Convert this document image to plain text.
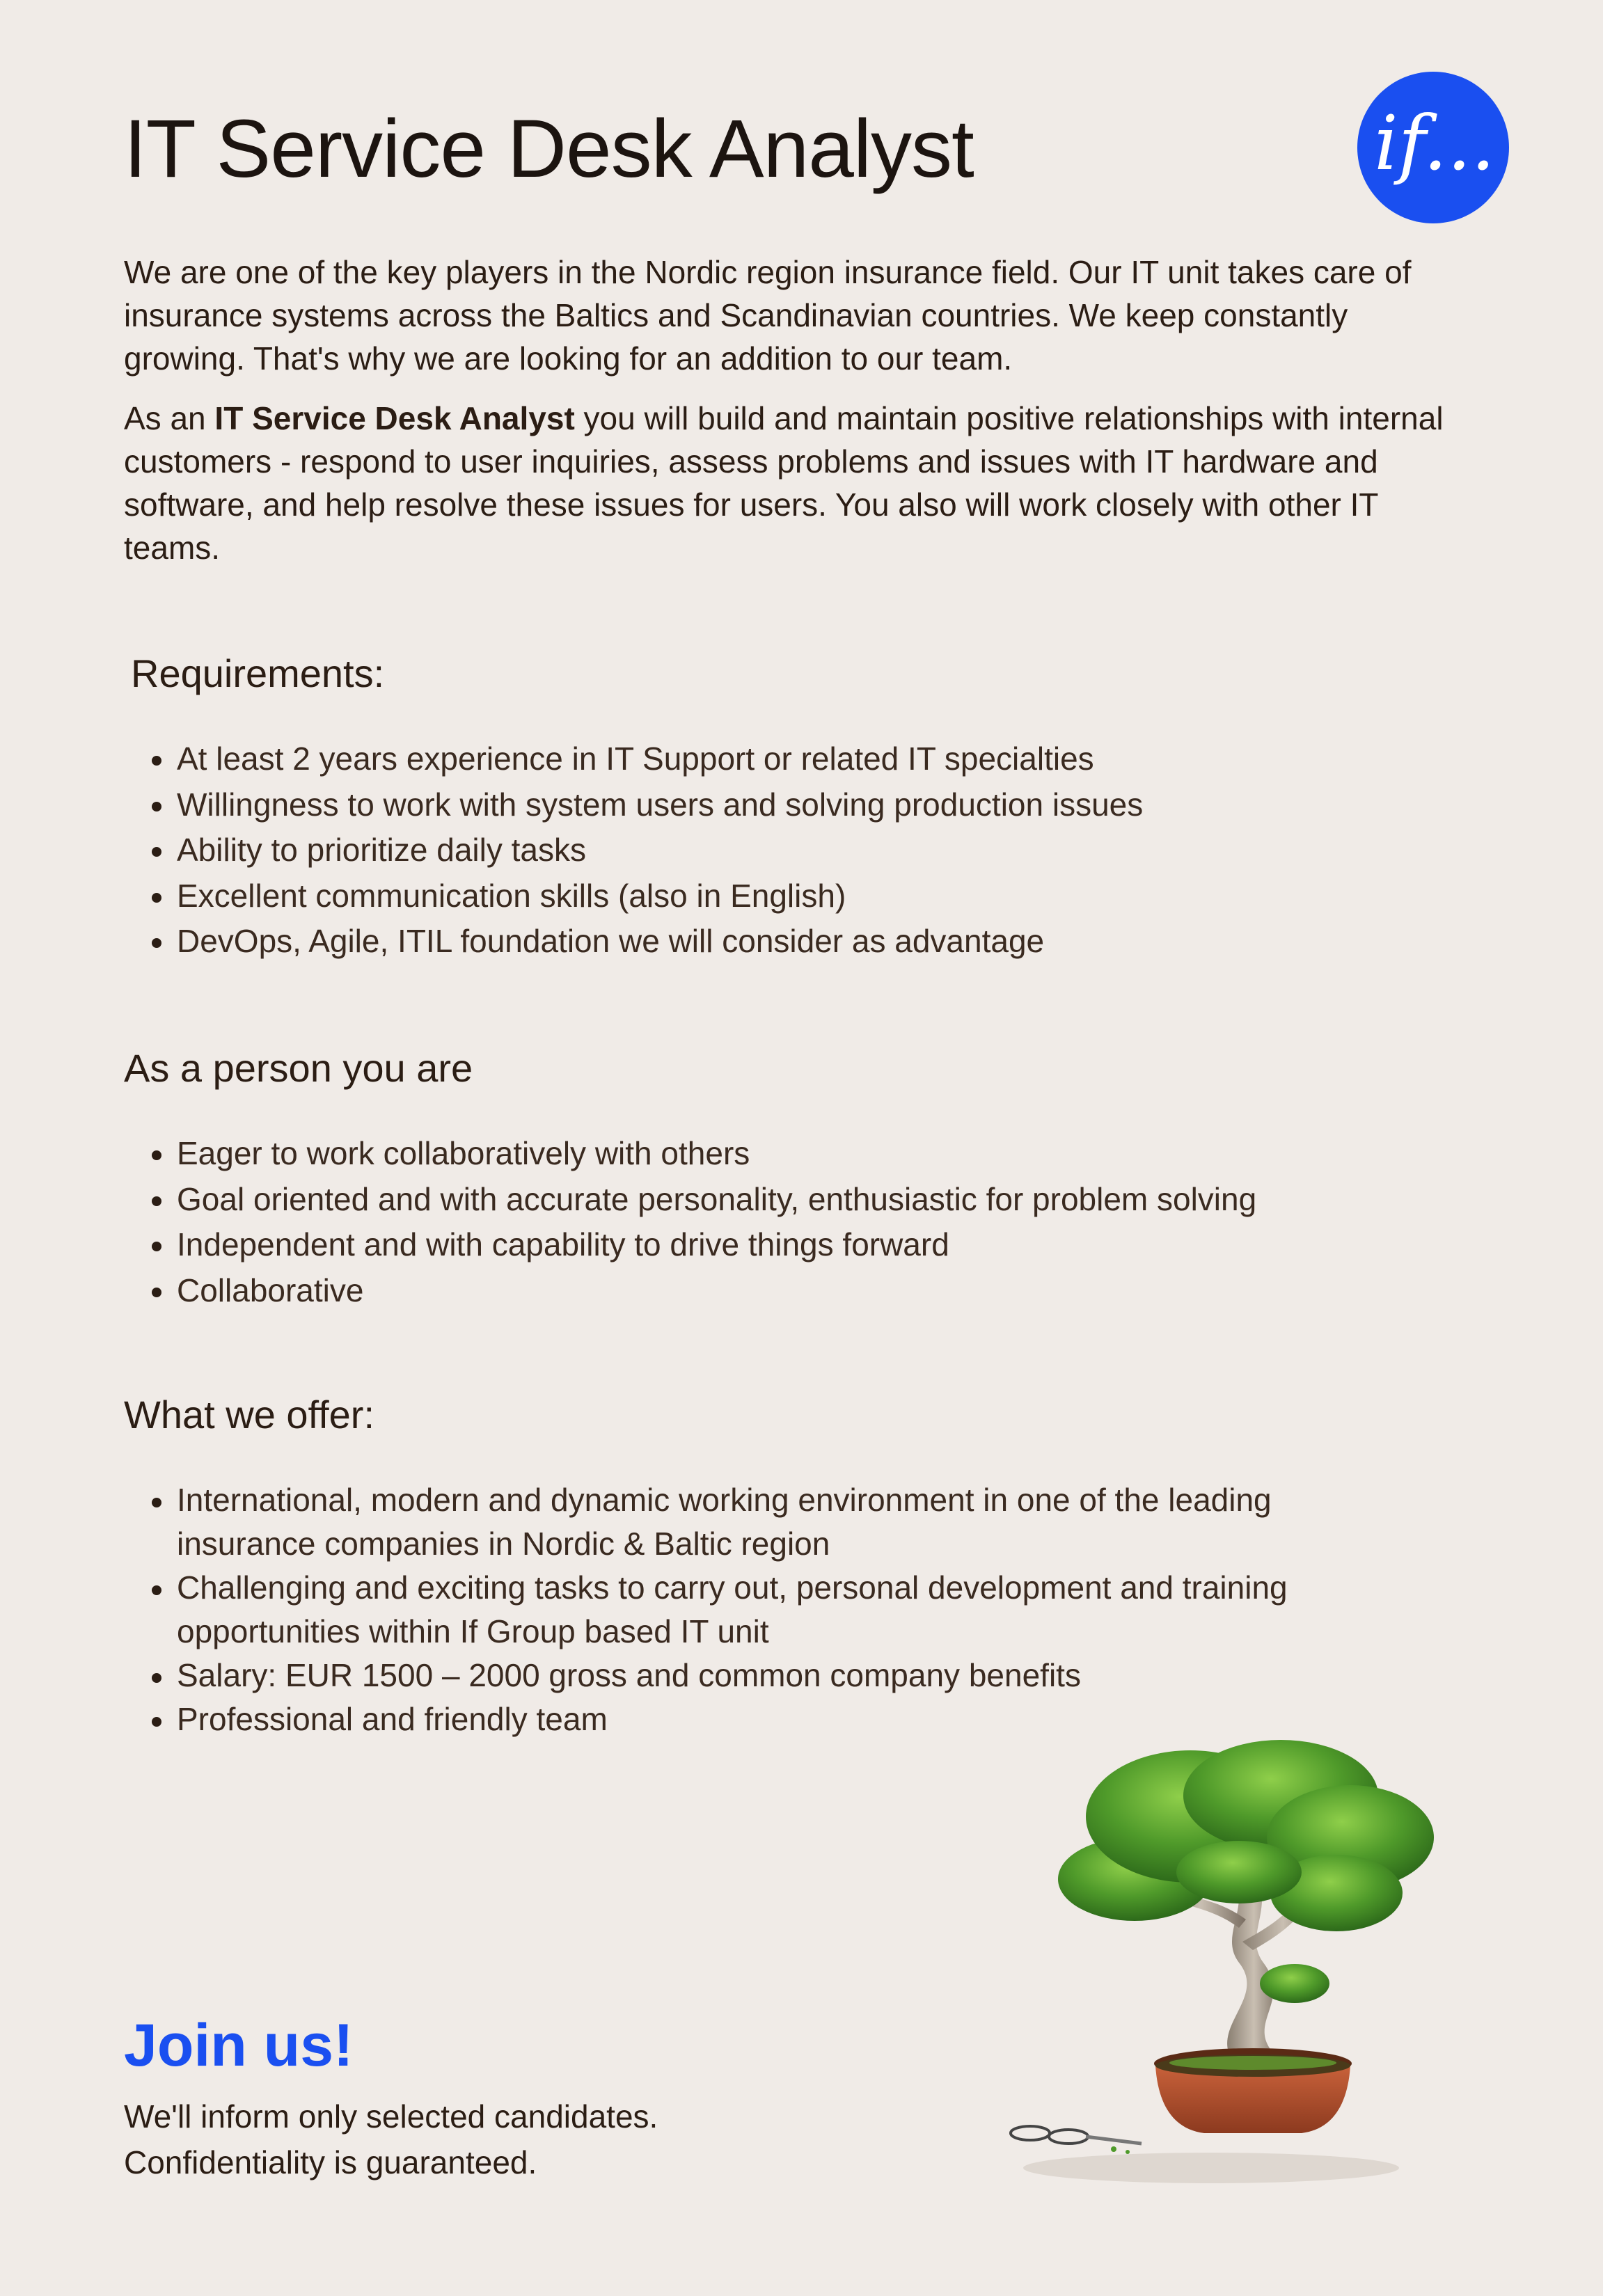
IT Service Desk Analyst	if...

We are one of the key players in the Nordic region insurance field. Our IT unit takes care of insurance systems across the Baltics and Scandinavian countries. We keep constantly growing. That's why we are looking for an addition to our team.

As an IT Service Desk Analyst you will build and maintain positive relationships with internal customers - respond to user inquiries, assess problems and issues with IT hardware and software, and help resolve these issues for users. You also will work closely with other IT teams.

Requirements:
At least 2 years experience in IT Support or related IT specialties
Willingness to work with system users and solving production issues
Ability to prioritize daily tasks
Excellent communication skills (also in English)
DevOps, Agile, ITIL foundation we will consider as advantage
As a person you are
Eager to work collaboratively with others
Goal oriented and with accurate personality, enthusiastic for problem solving
Independent and with capability to drive things forward
Collaborative
What we offer:
International, modern and dynamic working environment in one of the leading insurance companies in Nordic & Baltic region
Challenging and exciting tasks to carry out, personal development and training opportunities within If Group based IT unit
Salary: EUR 1500 – 2000 gross and common company benefits
Professional and friendly team
Join us!
We'll inform only selected candidates.
Confidentiality is guaranteed.
